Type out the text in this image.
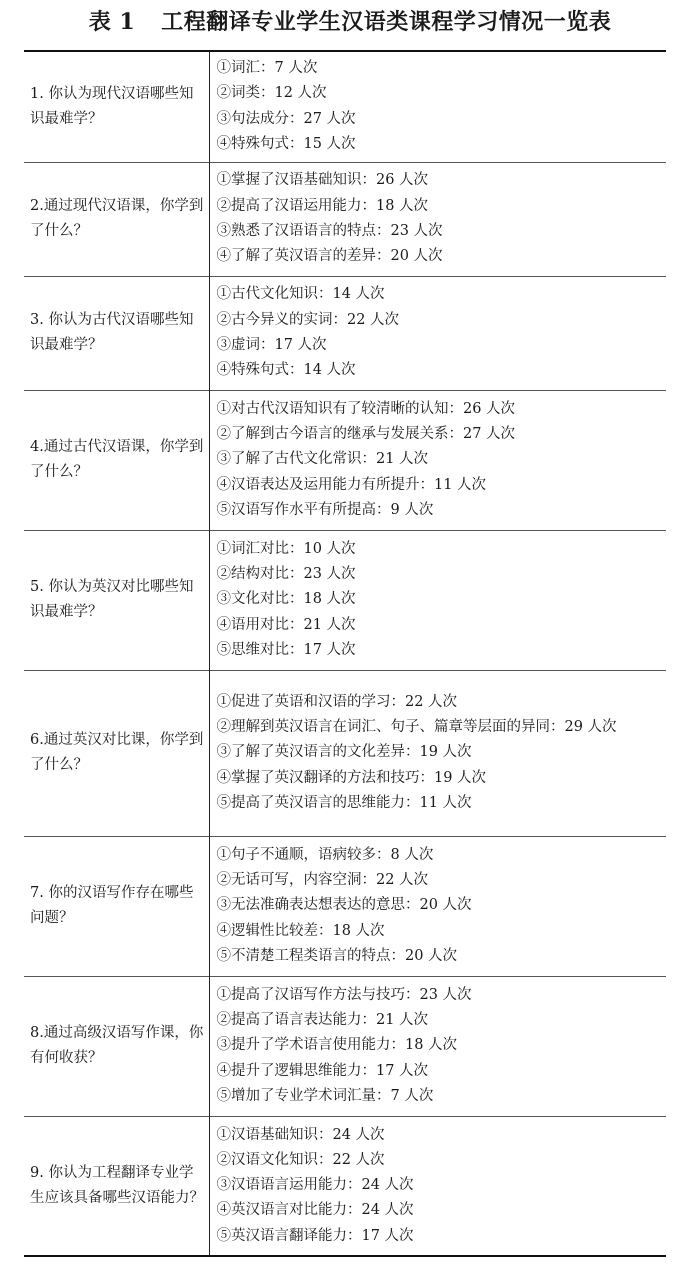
表 1 工程翻译专业学生汉语类课程学习情况一览表
1. 你认为现代汉语哪些知识最难学？	①词汇：7 人次
②词类：12 人次
③句法成分：27 人次
④特殊句式：15 人次

2.通过现代汉语课，你学到了什么？	①掌握了汉语基础知识：26 人次
②提高了汉语运用能力：18 人次
③熟悉了汉语语言的特点：23 人次
④了解了英汉语言的差异：20 人次

3. 你认为古代汉语哪些知识最难学？	①古代文化知识：14 人次
②古今异义的实词：22 人次
③虚词：17 人次
④特殊句式：14 人次

4.通过古代汉语课，你学到了什么？	①对古代汉语知识有了较清晰的认知：26 人次
②了解到古今语言的继承与发展关系：27 人次
③了解了古代文化常识：21 人次
④汉语表达及运用能力有所提升：11 人次
⑤汉语写作水平有所提高：9 人次

5. 你认为英汉对比哪些知识最难学？	①词汇对比：10 人次
②结构对比：23 人次
③文化对比：18 人次
④语用对比：21 人次
⑤思维对比：17 人次

6.通过英汉对比课，你学到了什么？	①促进了英语和汉语的学习：22 人次
②理解到英汉语言在词汇、句子、篇章等层面的异同：29 人次
③了解了英汉语言的文化差异：19 人次
④掌握了英汉翻译的方法和技巧：19 人次
⑤提高了英汉语言的思维能力：11 人次

7. 你的汉语写作存在哪些问题？	①句子不通顺，语病较多：8 人次
②无话可写，内容空洞：22 人次
③无法准确表达想表达的意思：20 人次
④逻辑性比较差：18 人次
⑤不清楚工程类语言的特点：20 人次

8.通过高级汉语写作课，你有何收获？	①提高了汉语写作方法与技巧：23 人次
②提高了语言表达能力：21 人次
③提升了学术语言使用能力：18 人次
④提升了逻辑思维能力：17 人次
⑤增加了专业学术词汇量：7 人次

9. 你认为工程翻译专业学生应该具备哪些汉语能力？	①汉语基础知识：24 人次
②汉语文化知识：22 人次
③汉语语言运用能力：24 人次
④英汉语言对比能力：24 人次
⑤英汉语言翻译能力：17 人次
